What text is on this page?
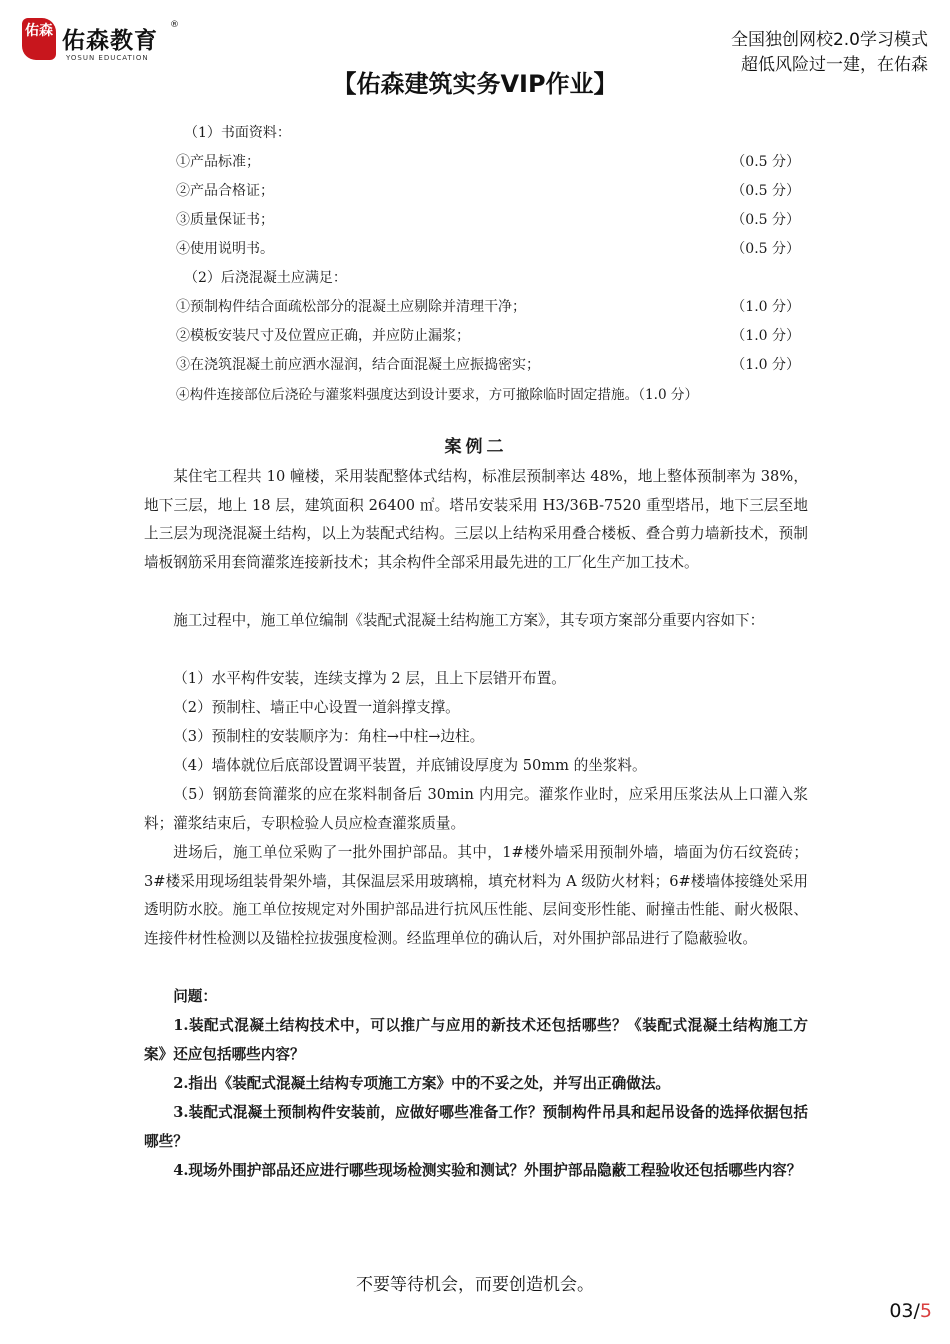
佑森 佑森教育
®
YOSUN EDUCATION
全国独创网校2.0学习模式
超低风险过一建，在佑森
【佑森建筑实务VIP作业】
（1）书面资料：
①产品标准；	（0.5 分）
②产品合格证；	（0.5 分）
③质量保证书；	（0.5 分）
④使用说明书。	（0.5 分）
（2）后浇混凝土应满足：
①预制构件结合面疏松部分的混凝土应剔除并清理干净；	（1.0 分）
②模板安装尺寸及位置应正确，并应防止漏浆；	（1.0 分）
③在浇筑混凝土前应洒水湿润，结合面混凝土应振捣密实；	（1.0 分）
④构件连接部位后浇砼与灌浆料强度达到设计要求，方可撤除临时固定措施。（1.0 分）
案例二
某住宅工程共 10 幢楼，采用装配整体式结构，标准层预制率达 48%，地上整体预制率为 38%，地下三层，地上 18 层，建筑面积 26400 ㎡。塔吊安装采用 H3/36B-7520 重型塔吊，地下三层至地上三层为现浇混凝土结构，以上为装配式结构。三层以上结构采用叠合楼板、叠合剪力墙新技术，预制墙板钢筋采用套筒灌浆连接新技术；其余构件全部采用最先进的工厂化生产加工技术。
施工过程中，施工单位编制《装配式混凝土结构施工方案》，其专项方案部分重要内容如下：
（1）水平构件安装，连续支撑为 2 层，且上下层错开布置。
（2）预制柱、墙正中心设置一道斜撑支撑。
（3）预制柱的安装顺序为：角柱→中柱→边柱。
（4）墙体就位后底部设置调平装置，并底铺设厚度为 50mm 的坐浆料。
（5）钢筋套筒灌浆的应在浆料制备后 30min 内用完。灌浆作业时，应采用压浆法从上口灌入浆料；灌浆结束后，专职检验人员应检查灌浆质量。
进场后，施工单位采购了一批外围护部品。其中，1#楼外墙采用预制外墙，墙面为仿石纹瓷砖；3#楼采用现场组装骨架外墙，其保温层采用玻璃棉，填充材料为 A 级防火材料；6#楼墙体接缝处采用透明防水胶。施工单位按规定对外围护部品进行抗风压性能、层间变形性能、耐撞击性能、耐火极限、连接件材性检测以及锚栓拉拔强度检测。经监理单位的确认后，对外围护部品进行了隐蔽验收。
问题：
1.装配式混凝土结构技术中，可以推广与应用的新技术还包括哪些？《装配式混凝土结构施工方案》还应包括哪些内容？
2.指出《装配式混凝土结构专项施工方案》中的不妥之处，并写出正确做法。
3.装配式混凝土预制构件安装前，应做好哪些准备工作？预制构件吊具和起吊设备的选择依据包括哪些？
4.现场外围护部品还应进行哪些现场检测实验和测试？外围护部品隐蔽工程验收还包括哪些内容？
不要等待机会，而要创造机会。
03/5
